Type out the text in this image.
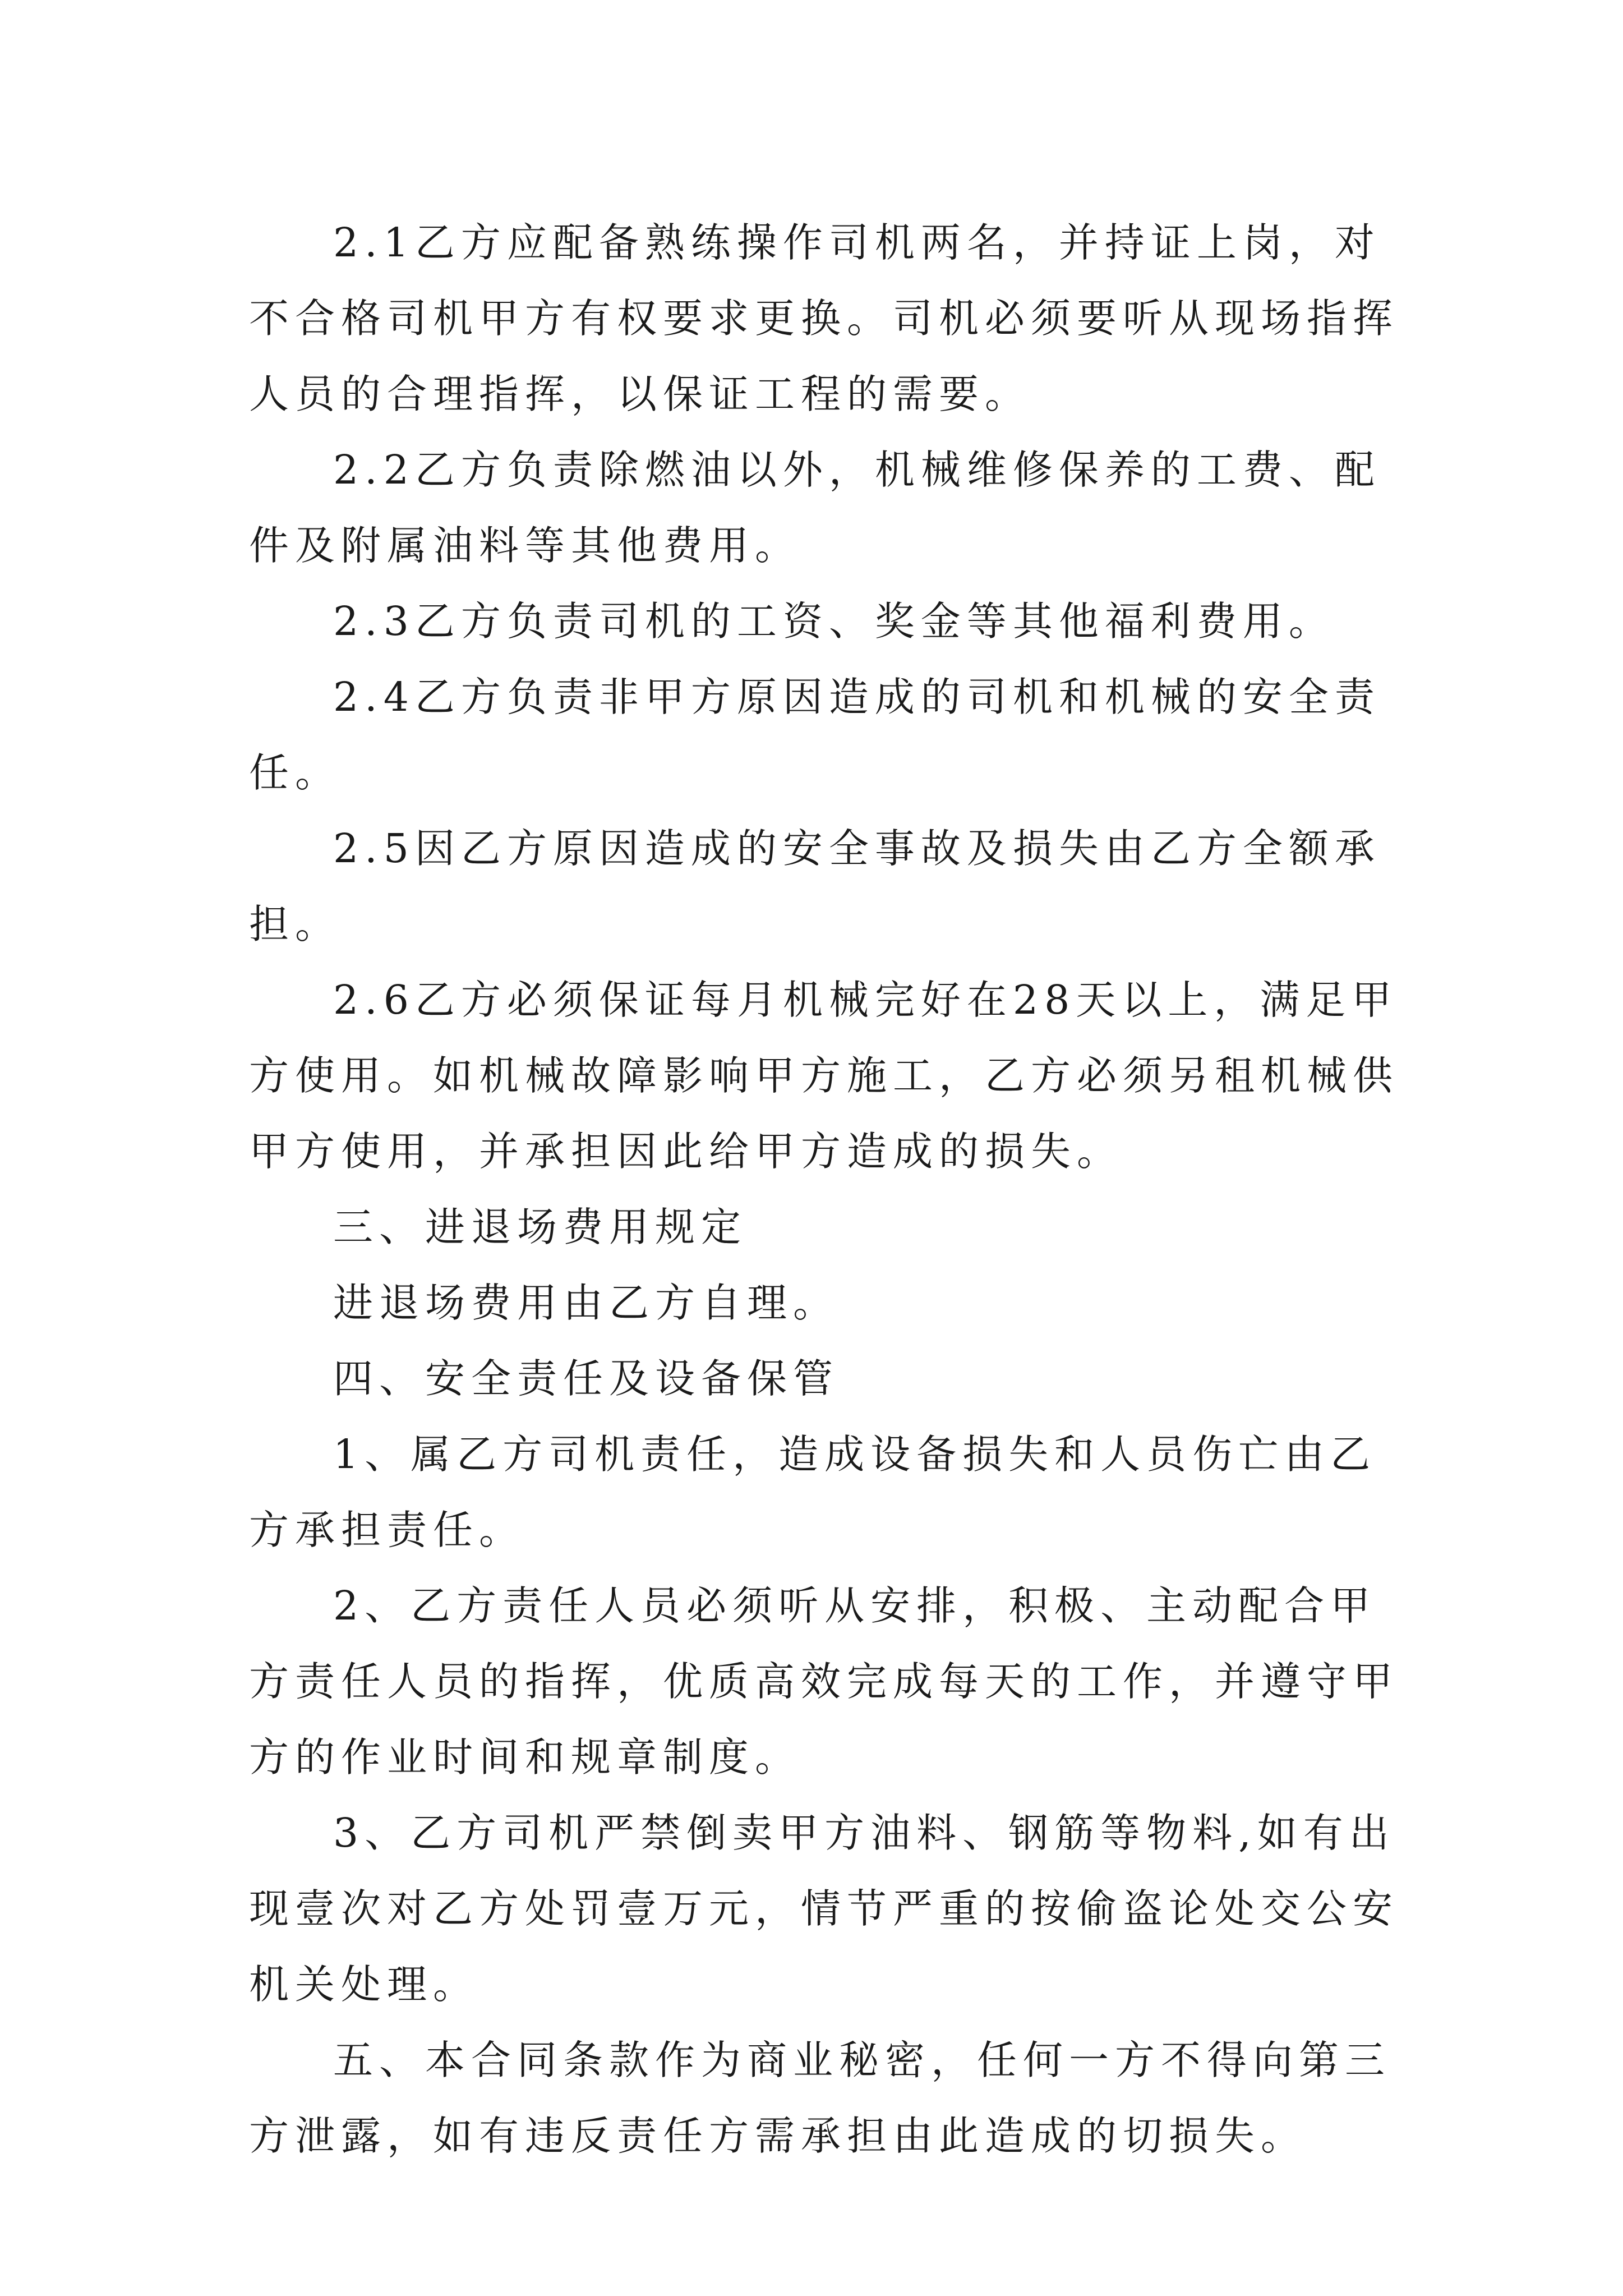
2.1乙方应配备熟练操作司机两名，并持证上岗，对不合格司机甲方有权要求更换。司机必须要听从现场指挥人员的合理指挥，以保证工程的需要。

2.2乙方负责除燃油以外，机械维修保养的工费、配件及附属油料等其他费用。

2.3乙方负责司机的工资、奖金等其他福利费用。

2.4乙方负责非甲方原因造成的司机和机械的安全责任。

2.5因乙方原因造成的安全事故及损失由乙方全额承担。

2.6乙方必须保证每月机械完好在28天以上，满足甲方使用。如机械故障影响甲方施工，乙方必须另租机械供甲方使用，并承担因此给甲方造成的损失。

三、进退场费用规定

进退场费用由乙方自理。

四、安全责任及设备保管

1、属乙方司机责任，造成设备损失和人员伤亡由乙方承担责任。

2、乙方责任人员必须听从安排，积极、主动配合甲方责任人员的指挥，优质高效完成每天的工作，并遵守甲方的作业时间和规章制度。

3、乙方司机严禁倒卖甲方油料、钢筋等物料,如有出现壹次对乙方处罚壹万元，情节严重的按偷盗论处交公安机关处理。

五、本合同条款作为商业秘密，任何一方不得向第三方泄露，如有违反责任方需承担由此造成的切损失。
